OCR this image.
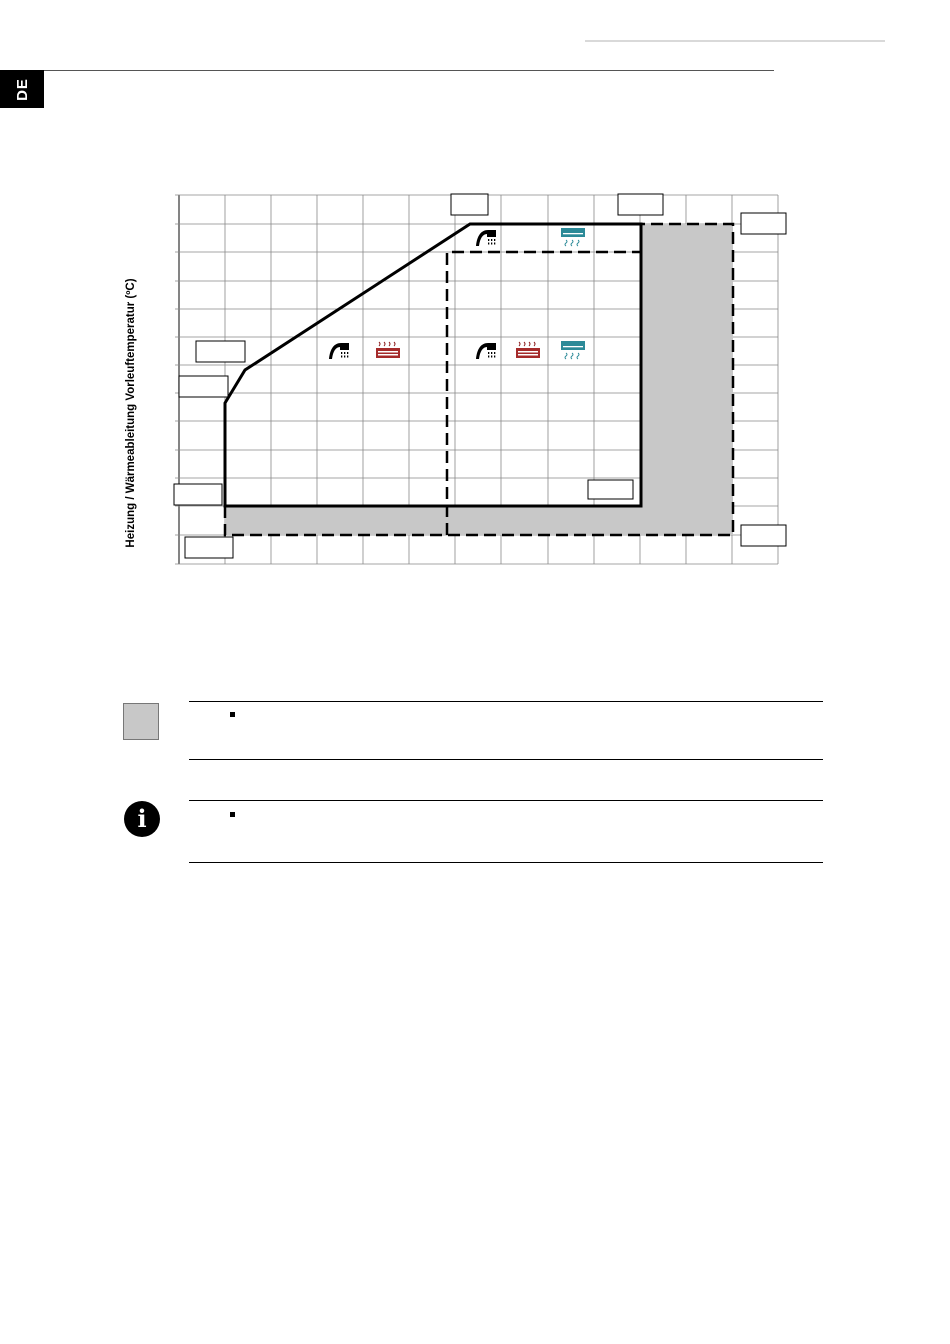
DE
Heizung / Wärmeableitung Vorleuftemperatur (ºC)
i
